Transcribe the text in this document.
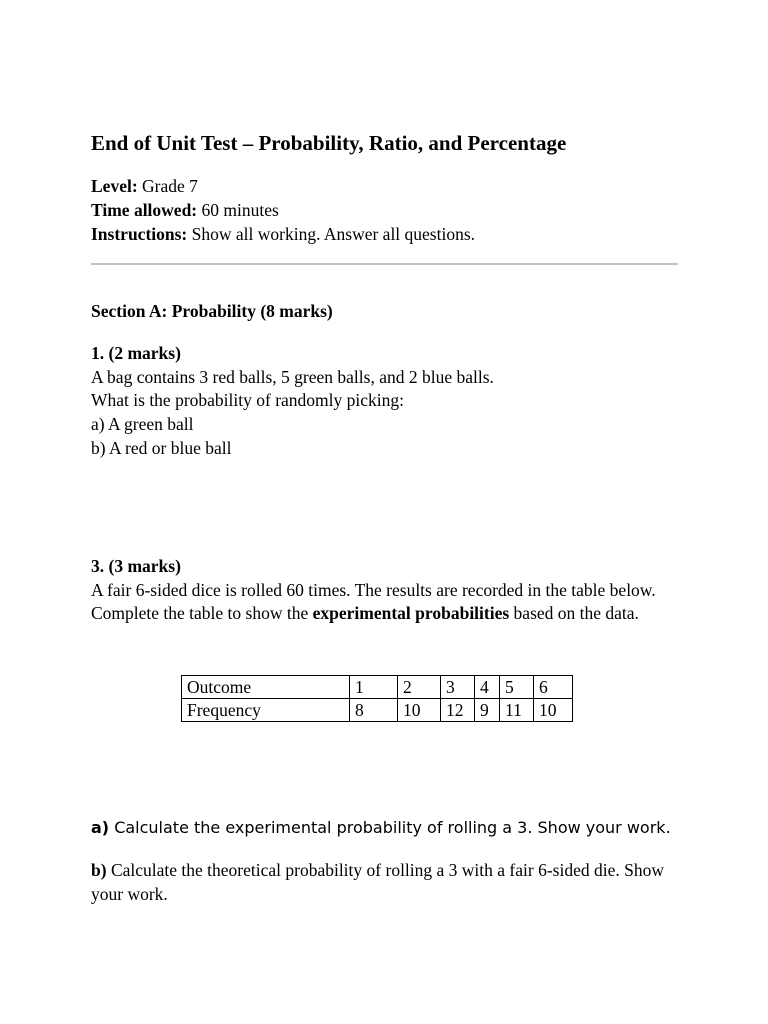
End of Unit Test – Probability, Ratio, and Percentage
Level: Grade 7
Time allowed: 60 minutes
Instructions: Show all working. Answer all questions.
Section A: Probability (8 marks)
1. (2 marks)
A bag contains 3 red balls, 5 green balls, and 2 blue balls.
What is the probability of randomly picking:
a) A green ball
b) A red or blue ball
3. (3 marks)
A fair 6-sided dice is rolled 60 times. The results are recorded in the table below. Complete the table to show the experimental probabilities based on the data.
Outcome	1	2	3	4	5	6
Frequency	8	10	12	9	11	10
a) Calculate the experimental probability of rolling a 3. Show your work.
b) Calculate the theoretical probability of rolling a 3 with a fair 6-sided die. Show your work.
